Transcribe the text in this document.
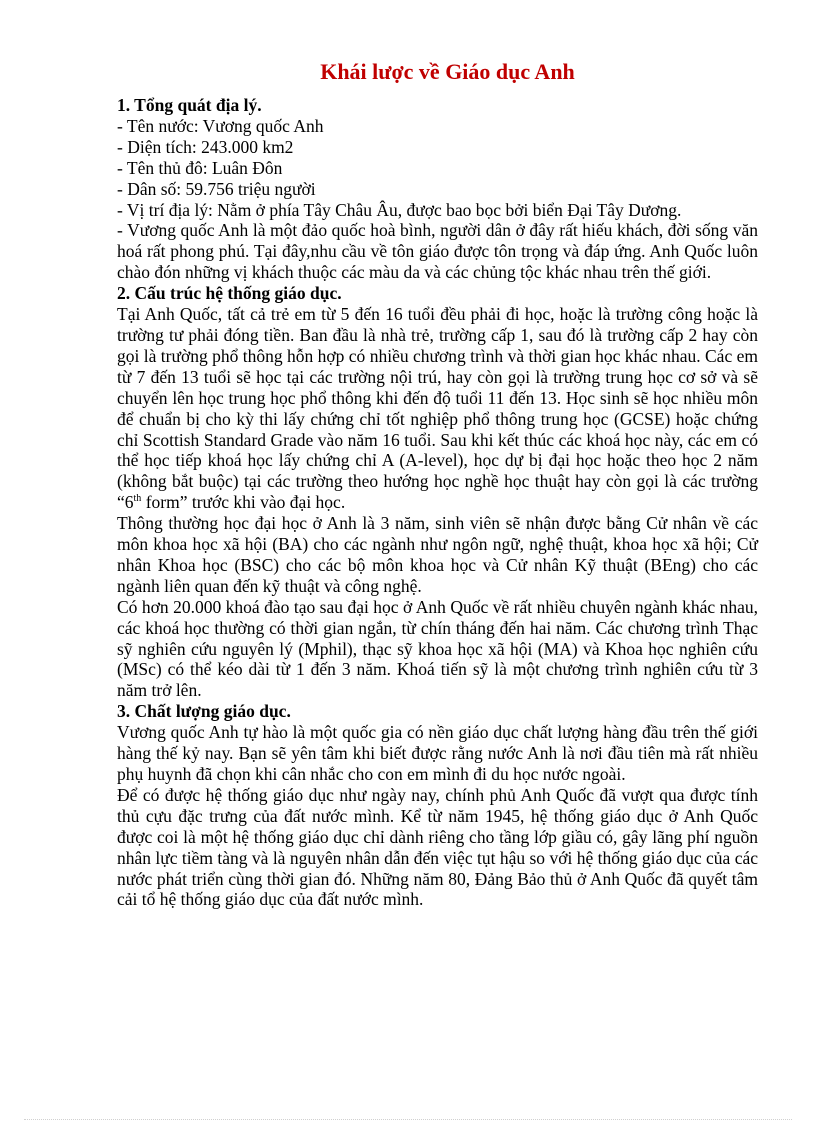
Khái lược về Giáo dục Anh

1. Tổng quát địa lý.

- Tên nước: Vương quốc Anh

- Diện tích: 243.000 km2

- Tên thủ đô: Luân Đôn

- Dân số: 59.756 triệu người

- Vị trí địa lý: Nằm ở phía Tây Châu Âu, được bao bọc bởi biển Đại Tây Dương.

- Vương quốc Anh là một đảo quốc hoà bình, người dân ở đây rất hiếu khách, đời sống văn hoá rất phong phú. Tại đây,nhu cầu về tôn giáo được tôn trọng và đáp ứng. Anh Quốc luôn chào đón những vị khách thuộc các màu da và các chủng tộc khác nhau trên thế giới.

2. Cấu trúc hệ thống giáo dục.

Tại Anh Quốc, tất cả trẻ em từ 5 đến 16 tuổi đều phải đi học, hoặc là trường công hoặc là trường tư phải đóng tiền. Ban đầu là nhà trẻ, trường cấp 1, sau đó là trường cấp 2 hay còn gọi là trường phổ thông hỗn hợp có nhiều chương trình và thời gian học khác nhau. Các em từ 7 đến 13 tuổi sẽ học tại các trường nội trú, hay còn gọi là trường trung học cơ sở và sẽ chuyển lên học trung học phổ thông khi đến độ tuổi 11 đến 13. Học sinh sẽ học nhiều môn để chuẩn bị cho kỳ thi lấy chứng chỉ tốt nghiệp phổ thông trung học (GCSE) hoặc chứng chỉ Scottish Standard Grade vào năm 16 tuổi. Sau khi kết thúc các khoá học này, các em có thể học tiếp khoá học lấy chứng chỉ A (A-level), học dự bị đại học hoặc theo học 2 năm (không bắt buộc) tại các trường theo hướng học nghề học thuật hay còn gọi là các trường “6th form” trước khi vào đại học.

Thông thường học đại học ở Anh là 3 năm, sinh viên sẽ nhận được bằng Cử nhân về các môn khoa học xã hội (BA) cho các ngành như ngôn ngữ, nghệ thuật, khoa học xã hội; Cử nhân Khoa học (BSC) cho các bộ môn khoa học và Cử nhân Kỹ thuật (BEng) cho các ngành liên quan đến kỹ thuật và công nghệ.

Có hơn 20.000 khoá đào tạo sau đại học ở Anh Quốc về rất nhiều chuyên ngành khác nhau, các khoá học thường có thời gian ngắn, từ chín tháng đến hai năm. Các chương trình Thạc sỹ nghiên cứu nguyên lý (Mphil), thạc sỹ khoa học xã hội (MA) và Khoa học nghiên cứu (MSc) có thể kéo dài từ 1 đến 3 năm. Khoá tiến sỹ là một chương trình nghiên cứu từ 3 năm trở lên.

3. Chất lượng giáo dục.

Vương quốc Anh tự hào là một quốc gia có nền giáo dục chất lượng hàng đầu trên thế giới hàng thế kỷ nay. Bạn sẽ yên tâm khi biết được rằng nước Anh là nơi đầu tiên mà rất nhiều phụ huynh đã chọn khi cân nhắc cho con em mình đi du học nước ngoài.

Để có được hệ thống giáo dục như ngày nay, chính phủ Anh Quốc đã vượt qua được tính thủ cựu đặc trưng của đất nước mình. Kể từ năm 1945, hệ thống giáo dục ở Anh Quốc được coi là một hệ thống giáo dục chỉ dành riêng cho tầng lớp giầu có, gây lãng phí nguồn nhân lực tiềm tàng và là nguyên nhân dẫn đến việc tụt hậu so với hệ thống giáo dục của các nước phát triển cùng thời gian đó. Những năm 80, Đảng Bảo thủ ở Anh Quốc đã quyết tâm cải tổ hệ thống giáo dục của đất nước mình.
